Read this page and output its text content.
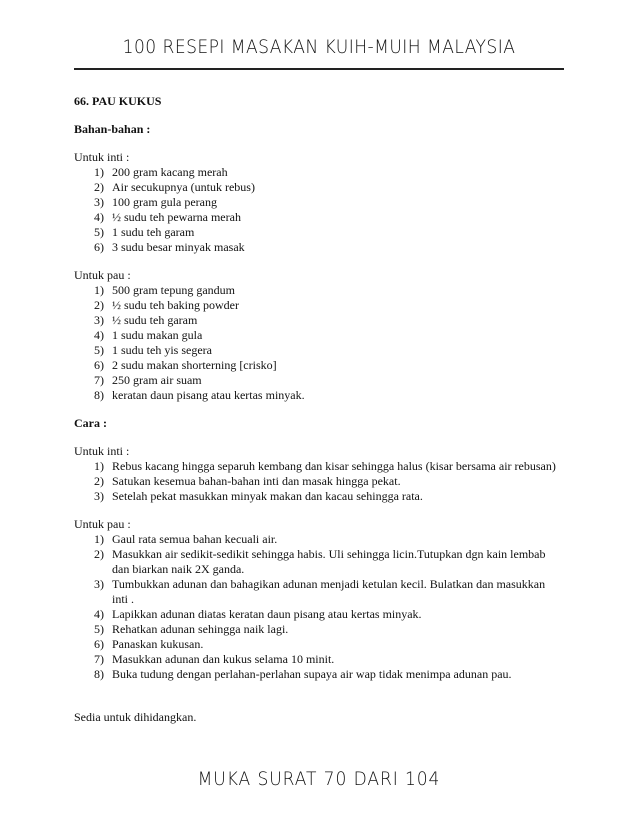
100 RESEPI MASAKAN KUIH-MUIH MALAYSIA
66. PAU KUKUS
Bahan-bahan :
Untuk inti :
1) 200 gram kacang merah
2) Air secukupnya (untuk rebus)
3) 100 gram gula perang
4) ½ sudu teh pewarna merah
5) 1 sudu teh garam
6) 3 sudu besar minyak masak
Untuk pau :
1) 500 gram tepung gandum
2) ½ sudu teh baking powder
3) ½ sudu teh garam
4) 1 sudu makan gula
5) 1 sudu teh yis segera
6) 2 sudu makan shorterning [crisko]
7) 250 gram air suam
8) keratan daun pisang atau kertas minyak.
Cara :
Untuk inti :
1) Rebus kacang hingga separuh kembang dan kisar sehingga halus (kisar bersama air rebusan)
2) Satukan kesemua bahan-bahan inti dan masak hingga pekat.
3) Setelah pekat masukkan minyak makan dan kacau sehingga rata.
Untuk pau :
1) Gaul rata semua bahan kecuali air.
2) Masukkan air sedikit-sedikit sehingga habis. Uli sehingga licin.Tutupkan dgn kain lembab dan biarkan naik 2X ganda.
3) Tumbukkan adunan dan bahagikan adunan menjadi ketulan kecil. Bulatkan dan masukkan inti .
4) Lapikkan adunan diatas keratan daun pisang atau kertas minyak.
5) Rehatkan adunan sehingga naik lagi.
6) Panaskan kukusan.
7) Masukkan adunan dan kukus selama 10 minit.
8) Buka tudung dengan perlahan-perlahan supaya air wap tidak menimpa adunan pau.
Sedia untuk dihidangkan.
MUKA SURAT 70 DARI 104
